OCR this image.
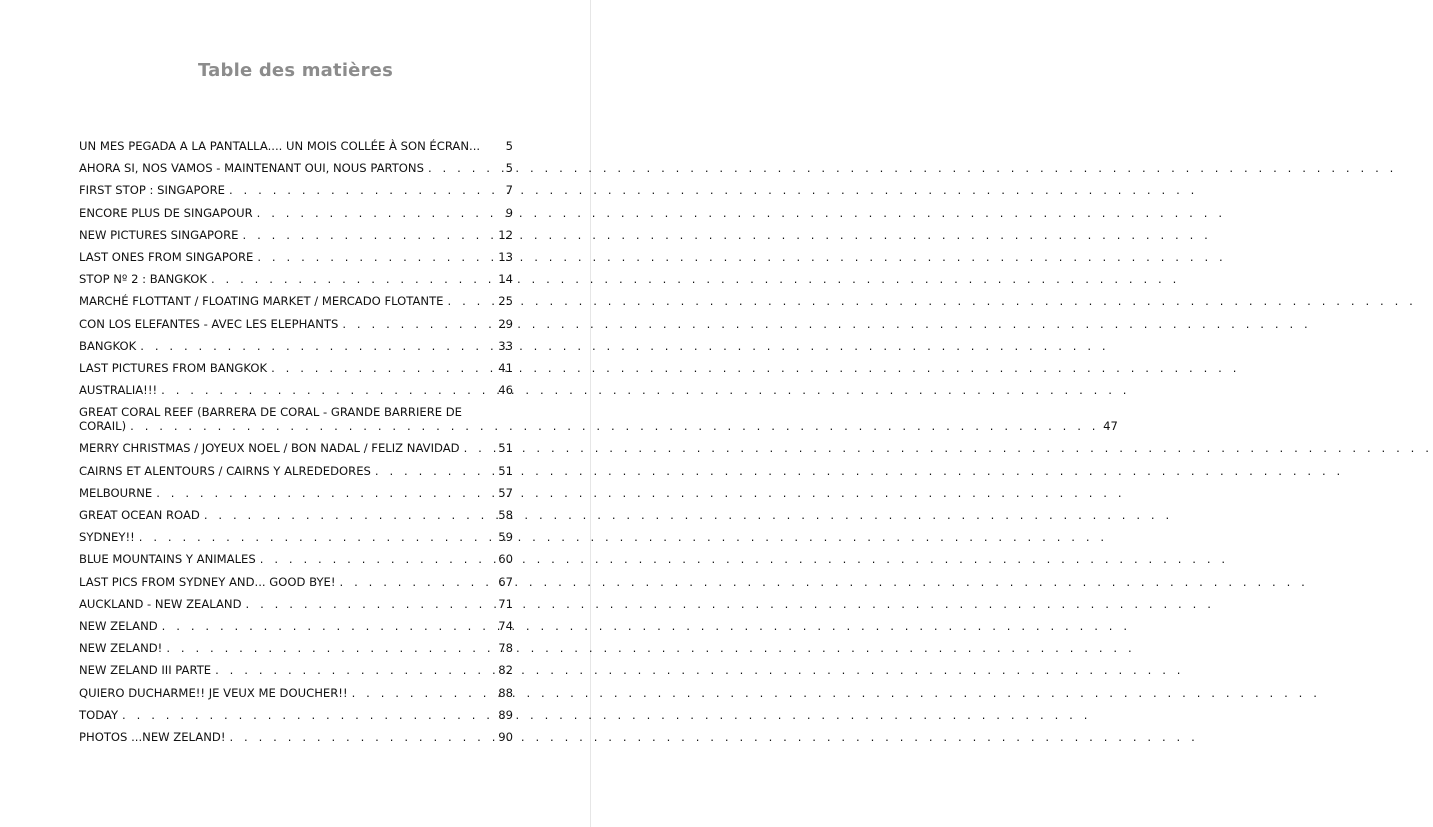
Table des matières
UN MES PEGADA A LA PANTALLA.... UN MOIS COLLÉE À SON ÉCRAN... 5
AHORA SI, NOS VAMOS - MAINTENANT OUI, NOUS PARTONS . . .	5
FIRST STOP : SINGAPORE . . .	7
ENCORE PLUS DE SINGAPOUR . . .	9
NEW PICTURES SINGAPORE . . .	12
LAST ONES FROM SINGAPORE . . .	13
STOP Nº 2 : BANGKOK . . .	14
MARCHÉ FLOTTANT / FLOATING MARKET / MERCADO FLOTANTE . . .	25
CON LOS ELEFANTES - AVEC LES ELEPHANTS . . .	29
BANGKOK . . .	33
LAST PICTURES FROM BANGKOK . . .	41
AUSTRALIA!!! . . .	46
GREAT CORAL REEF (BARRERA DE CORAL - GRANDE BARRIERE DE
CORAIL) . . .	47
MERRY CHRISTMAS / JOYEUX NOEL / BON NADAL / FELIZ NAVIDAD . . .	51
CAIRNS ET ALENTOURS / CAIRNS Y ALREDEDORES . . .	51
MELBOURNE . . .	57
GREAT OCEAN ROAD . . .	58
SYDNEY!! . . .	59
BLUE MOUNTAINS Y ANIMALES . . .	60
LAST PICS FROM SYDNEY AND... GOOD BYE! . . .	67
AUCKLAND - NEW ZEALAND . . .	71
NEW ZELAND . . .	74
NEW ZELAND! . . .	78
NEW ZELAND III PARTE . . .	82
QUIERO DUCHARME!! JE VEUX ME DOUCHER!! . . .	88
TODAY . . .	89
PHOTOS ...NEW ZELAND! . . .	90
